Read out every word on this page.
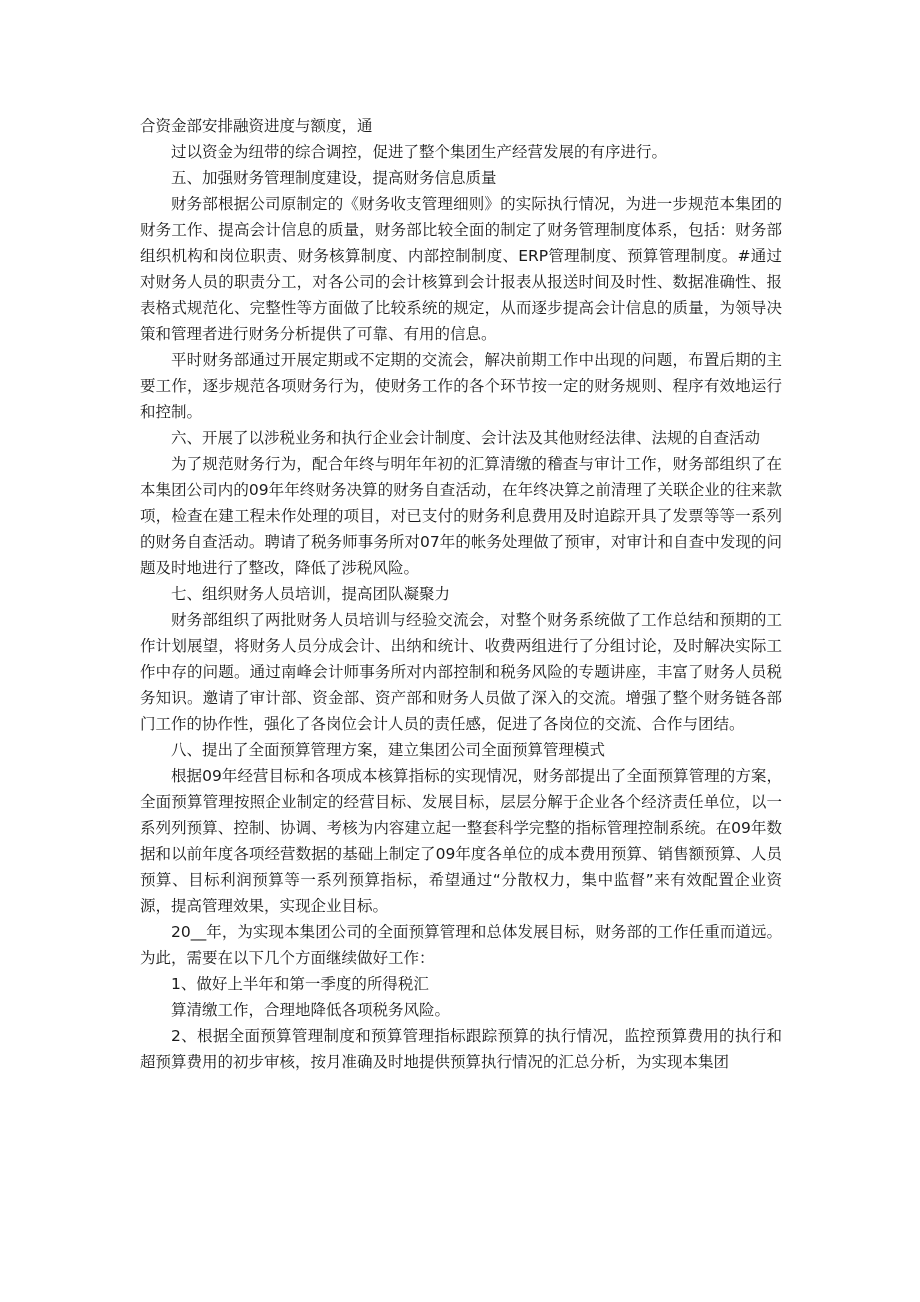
合资金部安排融资进度与额度，通

过以资金为纽带的综合调控，促进了整个集团生产经营发展的有序进行。

五、加强财务管理制度建设，提高财务信息质量

财务部根据公司原制定的《财务收支管理细则》的实际执行情况，为进一步规范本集团的财务工作、提高会计信息的质量，财务部比较全面的制定了财务管理制度体系，包括：财务部组织机构和岗位职责、财务核算制度、内部控制制度、ERP管理制度、预算管理制度。#通过对财务人员的职责分工，对各公司的会计核算到会计报表从报送时间及时性、数据准确性、报表格式规范化、完整性等方面做了比较系统的规定，从而逐步提高会计信息的质量，为领导决策和管理者进行财务分析提供了可靠、有用的信息。

平时财务部通过开展定期或不定期的交流会，解决前期工作中出现的问题，布置后期的主要工作，逐步规范各项财务行为，使财务工作的各个环节按一定的财务规则、程序有效地运行和控制。

六、开展了以涉税业务和执行企业会计制度、会计法及其他财经法律、法规的自查活动

为了规范财务行为，配合年终与明年年初的汇算清缴的稽查与审计工作，财务部组织了在本集团公司内的09年年终财务决算的财务自查活动，在年终决算之前清理了关联企业的往来款项，检查在建工程未作处理的项目，对已支付的财务利息费用及时追踪开具了发票等等一系列的财务自查活动。聘请了税务师事务所对07年的帐务处理做了预审，对审计和自查中发现的问题及时地进行了整改，降低了涉税风险。

七、组织财务人员培训，提高团队凝聚力

财务部组织了两批财务人员培训与经验交流会，对整个财务系统做了工作总结和预期的工作计划展望，将财务人员分成会计、出纳和统计、收费两组进行了分组讨论，及时解决实际工作中存的问题。通过南峰会计师事务所对内部控制和税务风险的专题讲座，丰富了财务人员税务知识。邀请了审计部、资金部、资产部和财务人员做了深入的交流。增强了整个财务链各部门工作的协作性，强化了各岗位会计人员的责任感，促进了各岗位的交流、合作与团结。

八、提出了全面预算管理方案，建立集团公司全面预算管理模式

根据09年经营目标和各项成本核算指标的实现情况，财务部提出了全面预算管理的方案，全面预算管理按照企业制定的经营目标、发展目标，层层分解于企业各个经济责任单位，以一系列列预算、控制、协调、考核为内容建立起一整套科学完整的指标管理控制系统。在09年数据和以前年度各项经营数据的基础上制定了09年度各单位的成本费用预算、销售额预算、人员预算、目标利润预算等一系列预算指标，希望通过“分散权力，集中监督”来有效配置企业资源，提高管理效果，实现企业目标。

20__年，为实现本集团公司的全面预算管理和总体发展目标，财务部的工作任重而道远。为此，需要在以下几个方面继续做好工作：

1、做好上半年和第一季度的所得税汇

算清缴工作，合理地降低各项税务风险。

2、根据全面预算管理制度和预算管理指标跟踪预算的执行情况，监控预算费用的执行和超预算费用的初步审核，按月准确及时地提供预算执行情况的汇总分析，为实现本集团
